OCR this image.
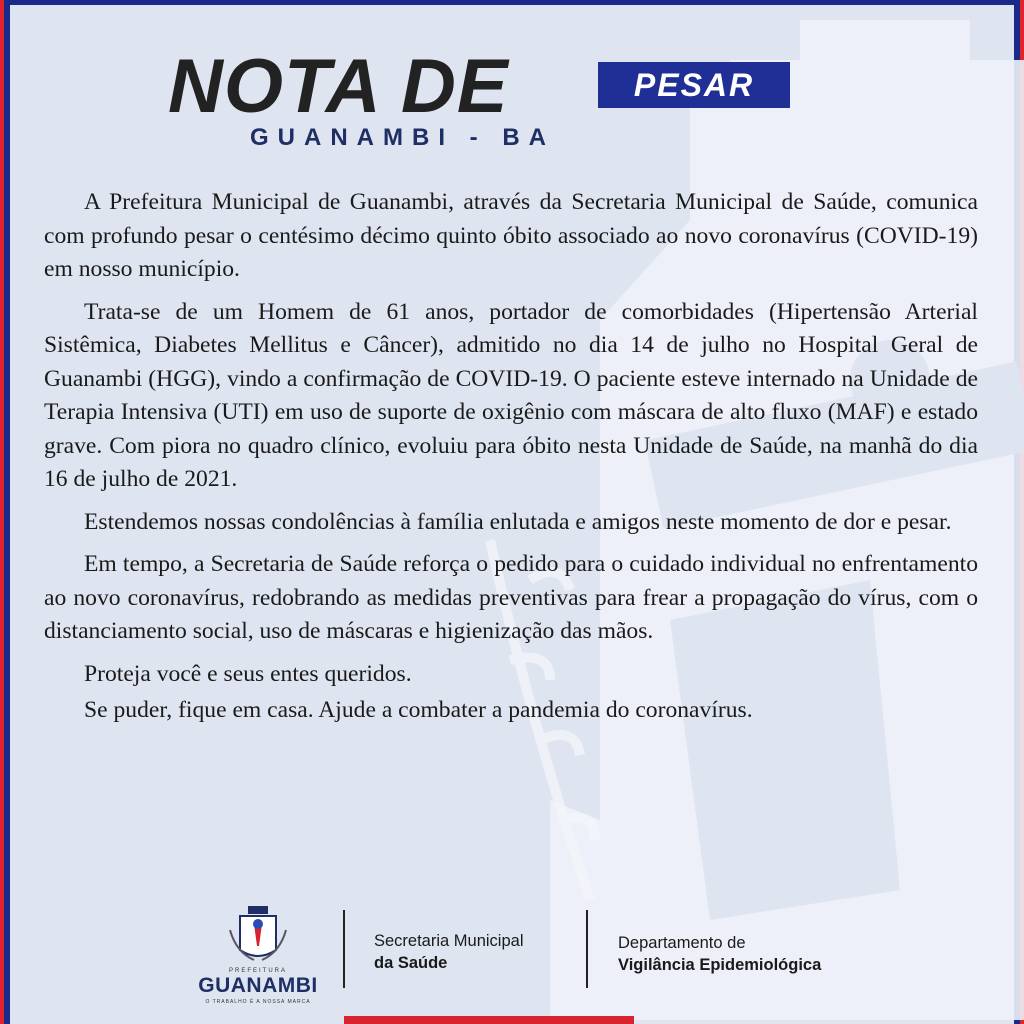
NOTA DE	PESAR
GUANAMBI - BA

A Prefeitura Municipal de Guanambi, através da Secretaria Municipal de Saúde, comunica com profundo pesar o centésimo décimo quinto óbito associado ao novo coronavírus (COVID-19) em nosso município.

Trata-se de um Homem de 61 anos, portador de comorbidades (Hipertensão Arterial Sistêmica, Diabetes Mellitus e Câncer), admitido no dia 14 de julho no Hospital Geral de Guanambi (HGG), vindo a confirmação de COVID-19. O paciente esteve internado na Unidade de Terapia Intensiva (UTI) em uso de suporte de oxigênio com máscara de alto fluxo (MAF) e estado grave. Com piora no quadro clínico, evoluiu para óbito nesta Unidade de Saúde, na manhã do dia 16 de julho de 2021.

Estendemos nossas condolências à família enlutada e amigos neste momento de dor e pesar.

Em tempo, a Secretaria de Saúde reforça o pedido para o cuidado individual no enfrentamento ao novo coronavírus, redobrando as medidas preventivas para frear a propagação do vírus, com o distanciamento social, uso de máscaras e higienização das mãos.

Proteja você e seus entes queridos.

Se puder, fique em casa. Ajude a combater a pandemia do coronavírus.

PREFEITURA
GUANAMBI
O TRABALHO É A NOSSA MARCA
Secretaria Municipal
da Saúde
Departamento de
Vigilância Epidemiológica
